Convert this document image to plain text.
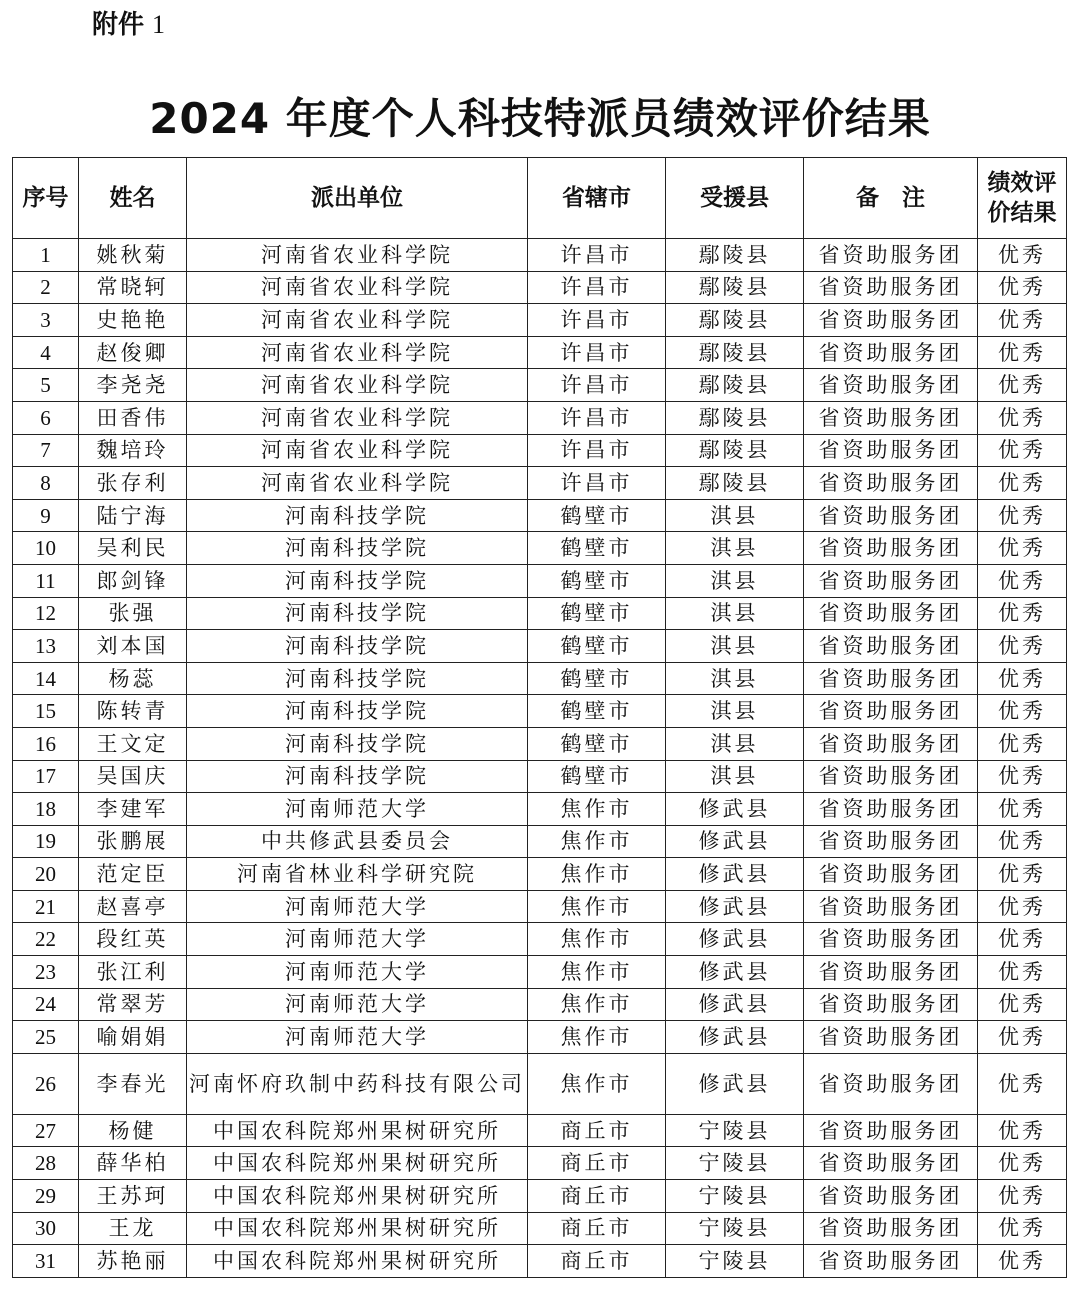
附件 1
2024 年度个人科技特派员绩效评价结果
序号	姓名	派出单位	省辖市	受援县	备　注	绩效评价结果
1	姚秋菊	河南省农业科学院	许昌市	鄢陵县	省资助服务团	优秀
2	常晓轲	河南省农业科学院	许昌市	鄢陵县	省资助服务团	优秀
3	史艳艳	河南省农业科学院	许昌市	鄢陵县	省资助服务团	优秀
4	赵俊卿	河南省农业科学院	许昌市	鄢陵县	省资助服务团	优秀
5	李尧尧	河南省农业科学院	许昌市	鄢陵县	省资助服务团	优秀
6	田香伟	河南省农业科学院	许昌市	鄢陵县	省资助服务团	优秀
7	魏培玲	河南省农业科学院	许昌市	鄢陵县	省资助服务团	优秀
8	张存利	河南省农业科学院	许昌市	鄢陵县	省资助服务团	优秀
9	陆宁海	河南科技学院	鹤壁市	淇县	省资助服务团	优秀
10	吴利民	河南科技学院	鹤壁市	淇县	省资助服务团	优秀
11	郎剑锋	河南科技学院	鹤壁市	淇县	省资助服务团	优秀
12	张强	河南科技学院	鹤壁市	淇县	省资助服务团	优秀
13	刘本国	河南科技学院	鹤壁市	淇县	省资助服务团	优秀
14	杨蕊	河南科技学院	鹤壁市	淇县	省资助服务团	优秀
15	陈转青	河南科技学院	鹤壁市	淇县	省资助服务团	优秀
16	王文定	河南科技学院	鹤壁市	淇县	省资助服务团	优秀
17	吴国庆	河南科技学院	鹤壁市	淇县	省资助服务团	优秀
18	李建军	河南师范大学	焦作市	修武县	省资助服务团	优秀
19	张鹏展	中共修武县委员会	焦作市	修武县	省资助服务团	优秀
20	范定臣	河南省林业科学研究院	焦作市	修武县	省资助服务团	优秀
21	赵喜亭	河南师范大学	焦作市	修武县	省资助服务团	优秀
22	段红英	河南师范大学	焦作市	修武县	省资助服务团	优秀
23	张江利	河南师范大学	焦作市	修武县	省资助服务团	优秀
24	常翠芳	河南师范大学	焦作市	修武县	省资助服务团	优秀
25	喻娟娟	河南师范大学	焦作市	修武县	省资助服务团	优秀
26	李春光	河南怀府玖制中药科技有限公司	焦作市	修武县	省资助服务团	优秀
27	杨健	中国农科院郑州果树研究所	商丘市	宁陵县	省资助服务团	优秀
28	薛华柏	中国农科院郑州果树研究所	商丘市	宁陵县	省资助服务团	优秀
29	王苏珂	中国农科院郑州果树研究所	商丘市	宁陵县	省资助服务团	优秀
30	王龙	中国农科院郑州果树研究所	商丘市	宁陵县	省资助服务团	优秀
31	苏艳丽	中国农科院郑州果树研究所	商丘市	宁陵县	省资助服务团	优秀
